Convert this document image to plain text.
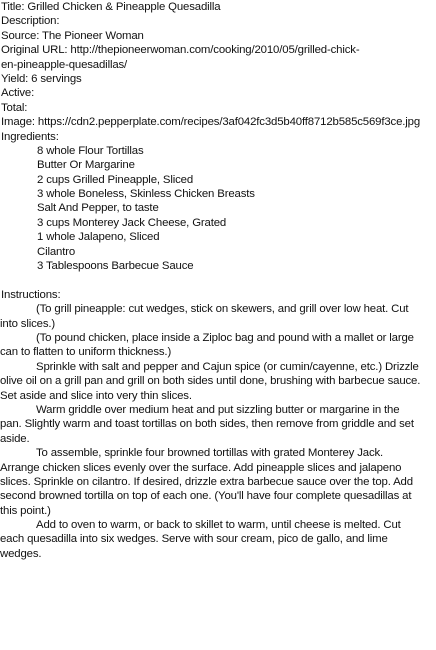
Title: Grilled Chicken & Pineapple Quesadilla
Description:
Source: The Pioneer Woman
Original URL: http://thepioneerwoman.com/cooking/2010/05/grilled-chick-
en-pineapple-quesadillas/
Yield: 6 servings
Active:
Total:
Image: https://cdn2.pepperplate.com/recipes/3af042fc3d5b40ff8712b585c569f3ce.jpg
Ingredients:
8 whole Flour Tortillas
Butter Or Margarine
2 cups Grilled Pineapple, Sliced
3 whole Boneless, Skinless Chicken Breasts
Salt And Pepper, to taste
3 cups Monterey Jack Cheese, Grated
1 whole Jalapeno, Sliced
Cilantro
3 Tablespoons Barbecue Sauce
Instructions:
(To grill pineapple: cut wedges, stick on skewers, and grill over low heat. Cut
into slices.)
(To pound chicken, place inside a Ziploc bag and pound with a mallet or large
can to flatten to uniform thickness.)
Sprinkle with salt and pepper and Cajun spice (or cumin/cayenne, etc.) Drizzle
olive oil on a grill pan and grill on both sides until done, brushing with barbecue sauce.
Set aside and slice into very thin slices.
Warm griddle over medium heat and put sizzling butter or margarine in the
pan. Slightly warm and toast tortillas on both sides, then remove from griddle and set
aside.
To assemble, sprinkle four browned tortillas with grated Monterey Jack.
Arrange chicken slices evenly over the surface. Add pineapple slices and jalapeno
slices. Sprinkle on cilantro. If desired, drizzle extra barbecue sauce over the top. Add
second browned tortilla on top of each one. (You'll have four complete quesadillas at
this point.)
Add to oven to warm, or back to skillet to warm, until cheese is melted. Cut
each quesadilla into six wedges. Serve with sour cream, pico de gallo, and lime
wedges.
